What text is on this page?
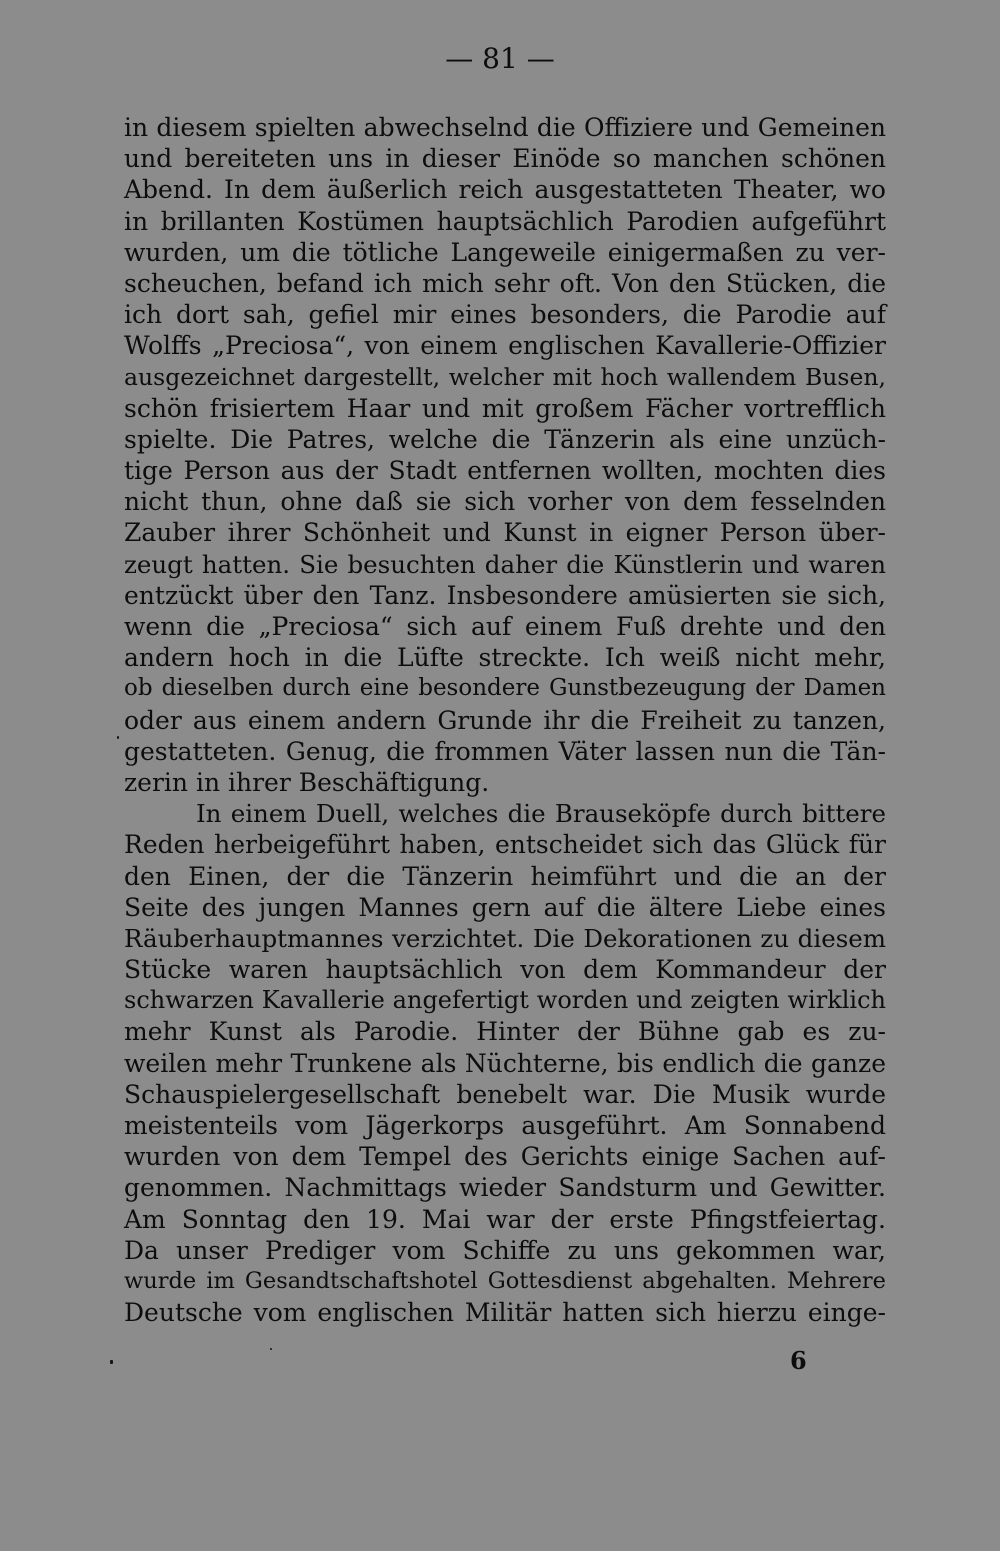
— 81 —
in diesem spielten abwechselnd die Offiziere und Gemeinen
und bereiteten uns in dieser Einöde so manchen schönen
Abend. In dem äußerlich reich ausgestatteten Theater, wo
in brillanten Kostümen hauptsächlich Parodien aufgeführt
wurden, um die tötliche Langeweile einigermaßen zu ver-
scheuchen, befand ich mich sehr oft. Von den Stücken, die
ich dort sah, gefiel mir eines besonders, die Parodie auf
Wolffs „Preciosa“, von einem englischen Kavallerie-Offizier
ausgezeichnet dargestellt, welcher mit hoch wallendem Busen,
schön frisiertem Haar und mit großem Fächer vortrefflich
spielte. Die Patres, welche die Tänzerin als eine unzüch-
tige Person aus der Stadt entfernen wollten, mochten dies
nicht thun, ohne daß sie sich vorher von dem fesselnden
Zauber ihrer Schönheit und Kunst in eigner Person über-
zeugt hatten. Sie besuchten daher die Künstlerin und waren
entzückt über den Tanz. Insbesondere amüsierten sie sich,
wenn die „Preciosa“ sich auf einem Fuß drehte und den
andern hoch in die Lüfte streckte. Ich weiß nicht mehr,
ob dieselben durch eine besondere Gunstbezeugung der Damen
oder aus einem andern Grunde ihr die Freiheit zu tanzen,
gestatteten. Genug, die frommen Väter lassen nun die Tän-
zerin in ihrer Beschäftigung.
In einem Duell, welches die Brauseköpfe durch bittere
Reden herbeigeführt haben, entscheidet sich das Glück für
den Einen, der die Tänzerin heimführt und die an der
Seite des jungen Mannes gern auf die ältere Liebe eines
Räuberhauptmannes verzichtet. Die Dekorationen zu diesem
Stücke waren hauptsächlich von dem Kommandeur der
schwarzen Kavallerie angefertigt worden und zeigten wirklich
mehr Kunst als Parodie. Hinter der Bühne gab es zu-
weilen mehr Trunkene als Nüchterne, bis endlich die ganze
Schauspielergesellschaft benebelt war. Die Musik wurde
meistenteils vom Jägerkorps ausgeführt. Am Sonnabend
wurden von dem Tempel des Gerichts einige Sachen auf-
genommen. Nachmittags wieder Sandsturm und Gewitter.
Am Sonntag den 19. Mai war der erste Pfingstfeiertag.
Da unser Prediger vom Schiffe zu uns gekommen war,
wurde im Gesandtschaftshotel Gottesdienst abgehalten. Mehrere
Deutsche vom englischen Militär hatten sich hierzu einge-
6
